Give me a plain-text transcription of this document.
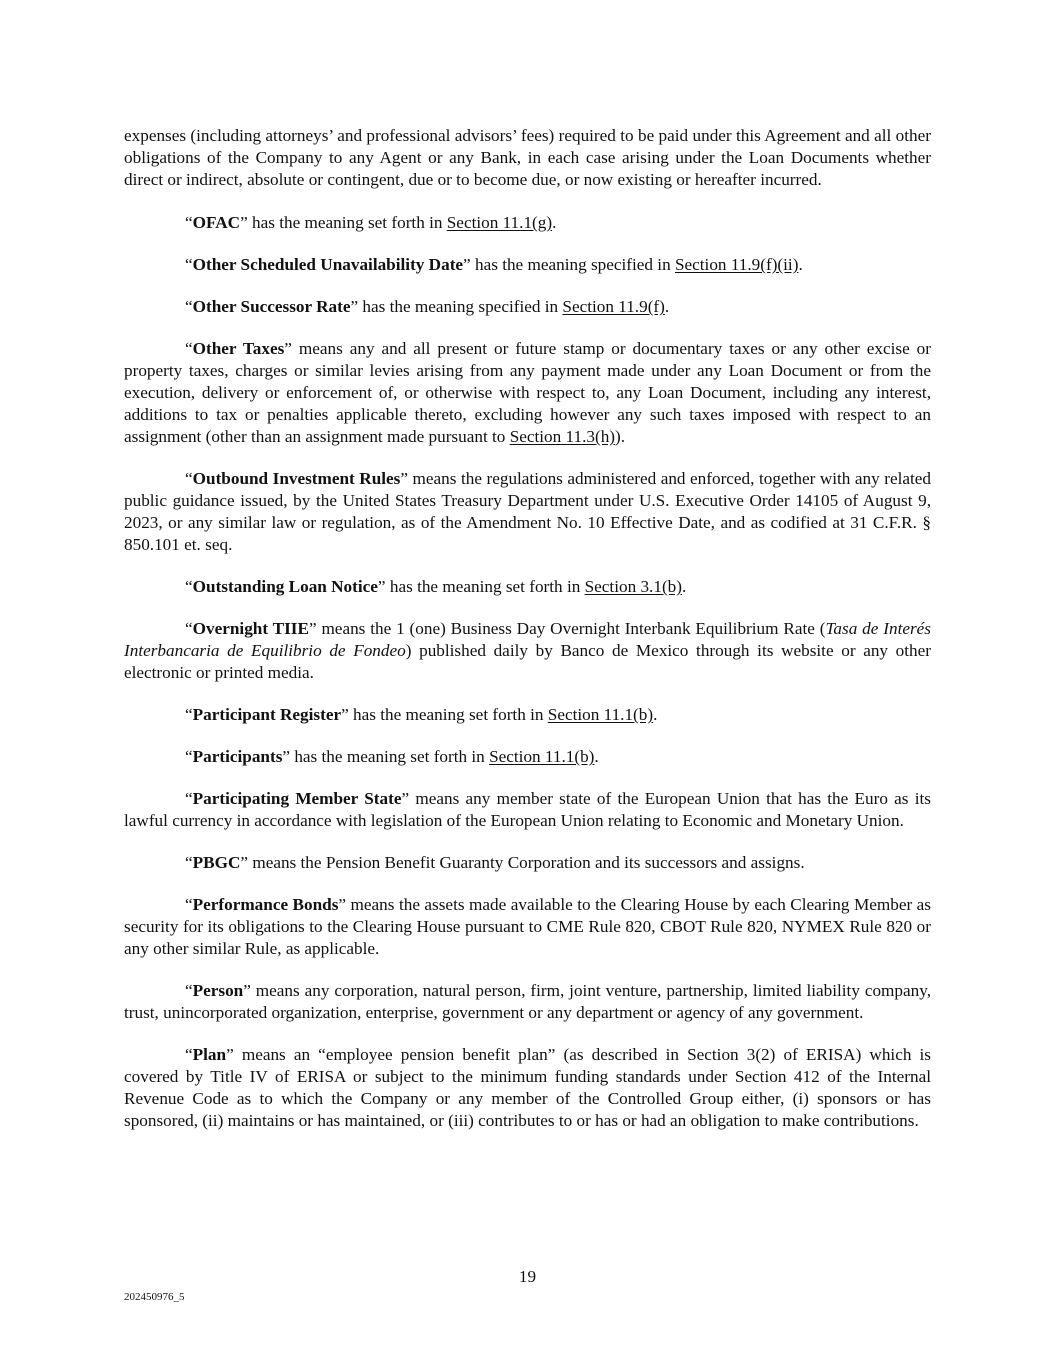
expenses (including attorneys’ and professional advisors’ fees) required to be paid under this Agreement and all other obligations of the Company to any Agent or any Bank, in each case arising under the Loan Documents whether direct or indirect, absolute or contingent, due or to become due, or now existing or hereafter incurred.

“OFAC” has the meaning set forth in Section 11.1(g).

“Other Scheduled Unavailability Date” has the meaning specified in Section 11.9(f)(ii).

“Other Successor Rate” has the meaning specified in Section 11.9(f).

“Other Taxes” means any and all present or future stamp or documentary taxes or any other excise or property taxes, charges or similar levies arising from any payment made under any Loan Document or from the execution, delivery or enforcement of, or otherwise with respect to, any Loan Document, including any interest, additions to tax or penalties applicable thereto, excluding however any such taxes imposed with respect to an assignment (other than an assignment made pursuant to Section 11.3(h)).

“Outbound Investment Rules” means the regulations administered and enforced, together with any related public guidance issued, by the United States Treasury Department under U.S. Executive Order 14105 of August 9, 2023, or any similar law or regulation, as of the Amendment No. 10 Effective Date, and as codified at 31 C.F.R. § 850.101 et. seq.

“Outstanding Loan Notice” has the meaning set forth in Section 3.1(b).

“Overnight TIIE” means the 1 (one) Business Day Overnight Interbank Equilibrium Rate (Tasa de Interés Interbancaria de Equilibrio de Fondeo) published daily by Banco de Mexico through its website or any other electronic or printed media.

“Participant Register” has the meaning set forth in Section 11.1(b).

“Participants” has the meaning set forth in Section 11.1(b).

“Participating Member State” means any member state of the European Union that has the Euro as its lawful currency in accordance with legislation of the European Union relating to Economic and Monetary Union.

“PBGC” means the Pension Benefit Guaranty Corporation and its successors and assigns.

“Performance Bonds” means the assets made available to the Clearing House by each Clearing Member as security for its obligations to the Clearing House pursuant to CME Rule 820, CBOT Rule 820, NYMEX Rule 820 or any other similar Rule, as applicable.

“Person” means any corporation, natural person, firm, joint venture, partnership, limited liability company, trust, unincorporated organization, enterprise, government or any department or agency of any government.

“Plan” means an “employee pension benefit plan” (as described in Section 3(2) of ERISA) which is covered by Title IV of ERISA or subject to the minimum funding standards under Section 412 of the Internal Revenue Code as to which the Company or any member of the Controlled Group either, (i) sponsors or has sponsored, (ii) maintains or has maintained, or (iii) contributes to or has or had an obligation to make contributions.

19
202450976_5
